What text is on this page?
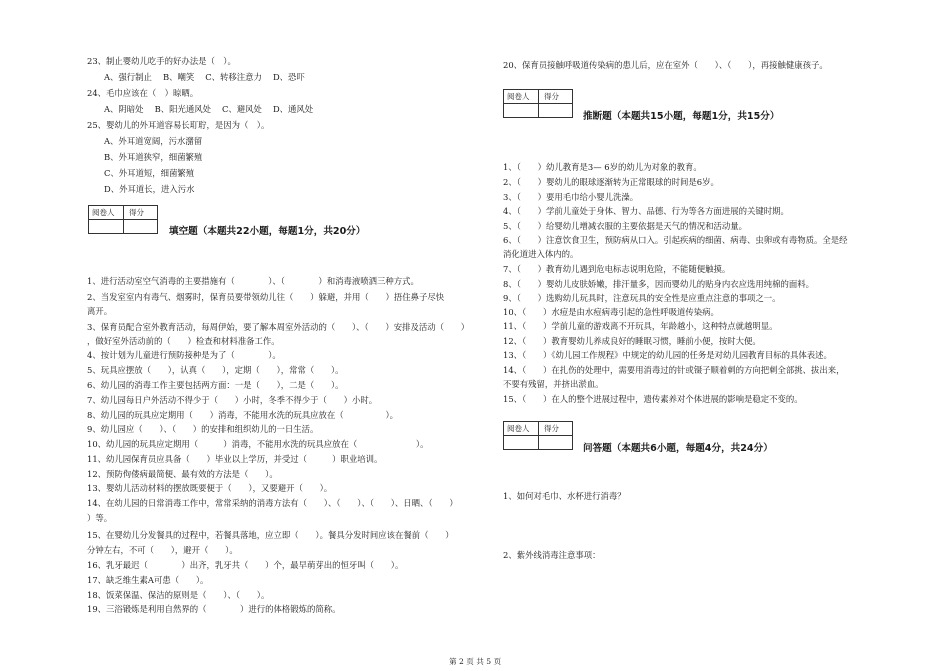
23、制止婴幼儿吃手的好办法是（　）。
A、强行制止　 B、嘲笑　 C、转移注意力　 D、恐吓
24、毛巾应该在（　）晾晒。
A、阴暗处　 B、阳光通风处　 C、避风处　 D、通风处
25、婴幼儿的外耳道容易长耵聍，是因为（　）。
A、外耳道宽阔，污水潴留
B、外耳道狭窄，细菌繁殖
C、外耳道短，细菌繁殖
D、外耳道长，进入污水
阅卷人 得分
填空题（本题共22小题，每题1分，共20分）
1、进行活动室空气消毒的主要措施有（　　　　）、（　　　　）和消毒液喷洒三种方式。
2、当发室室内有毒气、烟雾时，保育员要带领幼儿往（　　）躲避，并用（　　）捂住鼻子尽快
离开。
3、保育员配合室外教育活动，每周伊始，要了解本周室外活动的（　　）、（　　）安排及活动（　　）
，做好室外活动前的（　　）检查和材料准备工作。
4、按计划为儿童进行预防接种是为了（　　　　）。
5、玩具应摆放（　　），认真（　　），定期（　　），常常（　　）。
6、幼儿园的消毒工作主要包括两方面：一是（　　），二是（　　）。
7、幼儿园每日户外活动不得少于（　　）小时，冬季不得少于（　　）小时。
8、幼儿园的玩具应定期用（　　）消毒，不能用水洗的玩具应放在（　　　　　）。
9、幼儿园应（　　）、（　　）的安排和组织幼儿的一日生活。
10、幼儿园的玩具应定期用（　　　）消毒，不能用水洗的玩具应放在（　　　　　　　）。
11、幼儿园保育员应具备（　　）毕业以上学历，并受过（　　　）职业培训。
12、预防佝偻病最简便、最有效的方法是（　　）。
13、婴幼儿活动材料的摆放既要便于（　　），又要避开（　　）。
14、在幼儿园的日常消毒工作中，常常采纳的消毒方法有（　　）、（　　）、（　　）、日晒、（　　）
）等。
15、在婴幼儿分发餐具的过程中，若餐具落地，应立即（　　）。餐具分发时间应该在餐前（　　）
分钟左右，不可（　　），避开（　　）。
16、乳牙最迟（　　　　）出齐，乳牙共（　　）个，最早萌芽出的恒牙叫（　　）。
17、缺乏维生素A可患（　　）。
18、饭菜保温、保洁的原则是（　　）、（　　）。
19、三浴锻炼是利用自然界的（　　　　）进行的体格锻炼的简称。
20、保育员接触呼吸道传染病的患儿后，应在室外（　　）、（　　），再接触健康孩子。
阅卷人 得分
推断题（本题共15小题，每题1分，共15分）
1、（　　）幼儿教育是3— 6岁的幼儿为对象的教育。
2、（　　）婴幼儿的眼球逐渐转为正常眼球的时间是6岁。
3、（　　）要用毛巾给小婴儿洗澡。
4、（　　）学前儿童处于身体、智力、品德、行为等各方面进展的关键时期。
5、（　　）给婴幼儿增减衣服的主要依据是天气的情况和活动量。
6、（　　）注意饮食卫生，预防病从口入。引起疾病的细菌、病毒、虫卵或有毒物质。全是经
消化道进入体内的。
7、（　　）教育幼儿遇到危电标志说明危险，不能随便触摸。
8、（　　）婴幼儿皮肤娇嫩，排汗量多，因而婴幼儿的贴身内衣应选用纯棉的面料。
9、（　　）选购幼儿玩具时，注意玩具的安全性是应重点注意的事项之一。
10、（　　）水痘是由水痘病毒引起的急性呼吸道传染病。
11、（　　）学前儿童的游戏离不开玩具，年龄越小，这种特点就越明显。
12、（　　）教育婴幼儿养成良好的睡眠习惯，睡前小便，按时大便。
13、（　　）《幼儿园工作规程》中规定的幼儿园的任务是对幼儿园教育目标的具体表述。
14、（　　）在扎伤的处理中，需要用消毒过的针或镊子顺着刺的方向把刺全部挑、拔出来，
不要有残留，并挤出淤血。
15、（　　）在人的整个进展过程中，遗传素养对个体进展的影响是稳定不变的。
阅卷人 得分
问答题（本题共6小题，每题4分，共24分）
1、如何对毛巾、水杯进行消毒？
2、紫外线消毒注意事项：
第 2 页 共 5 页
